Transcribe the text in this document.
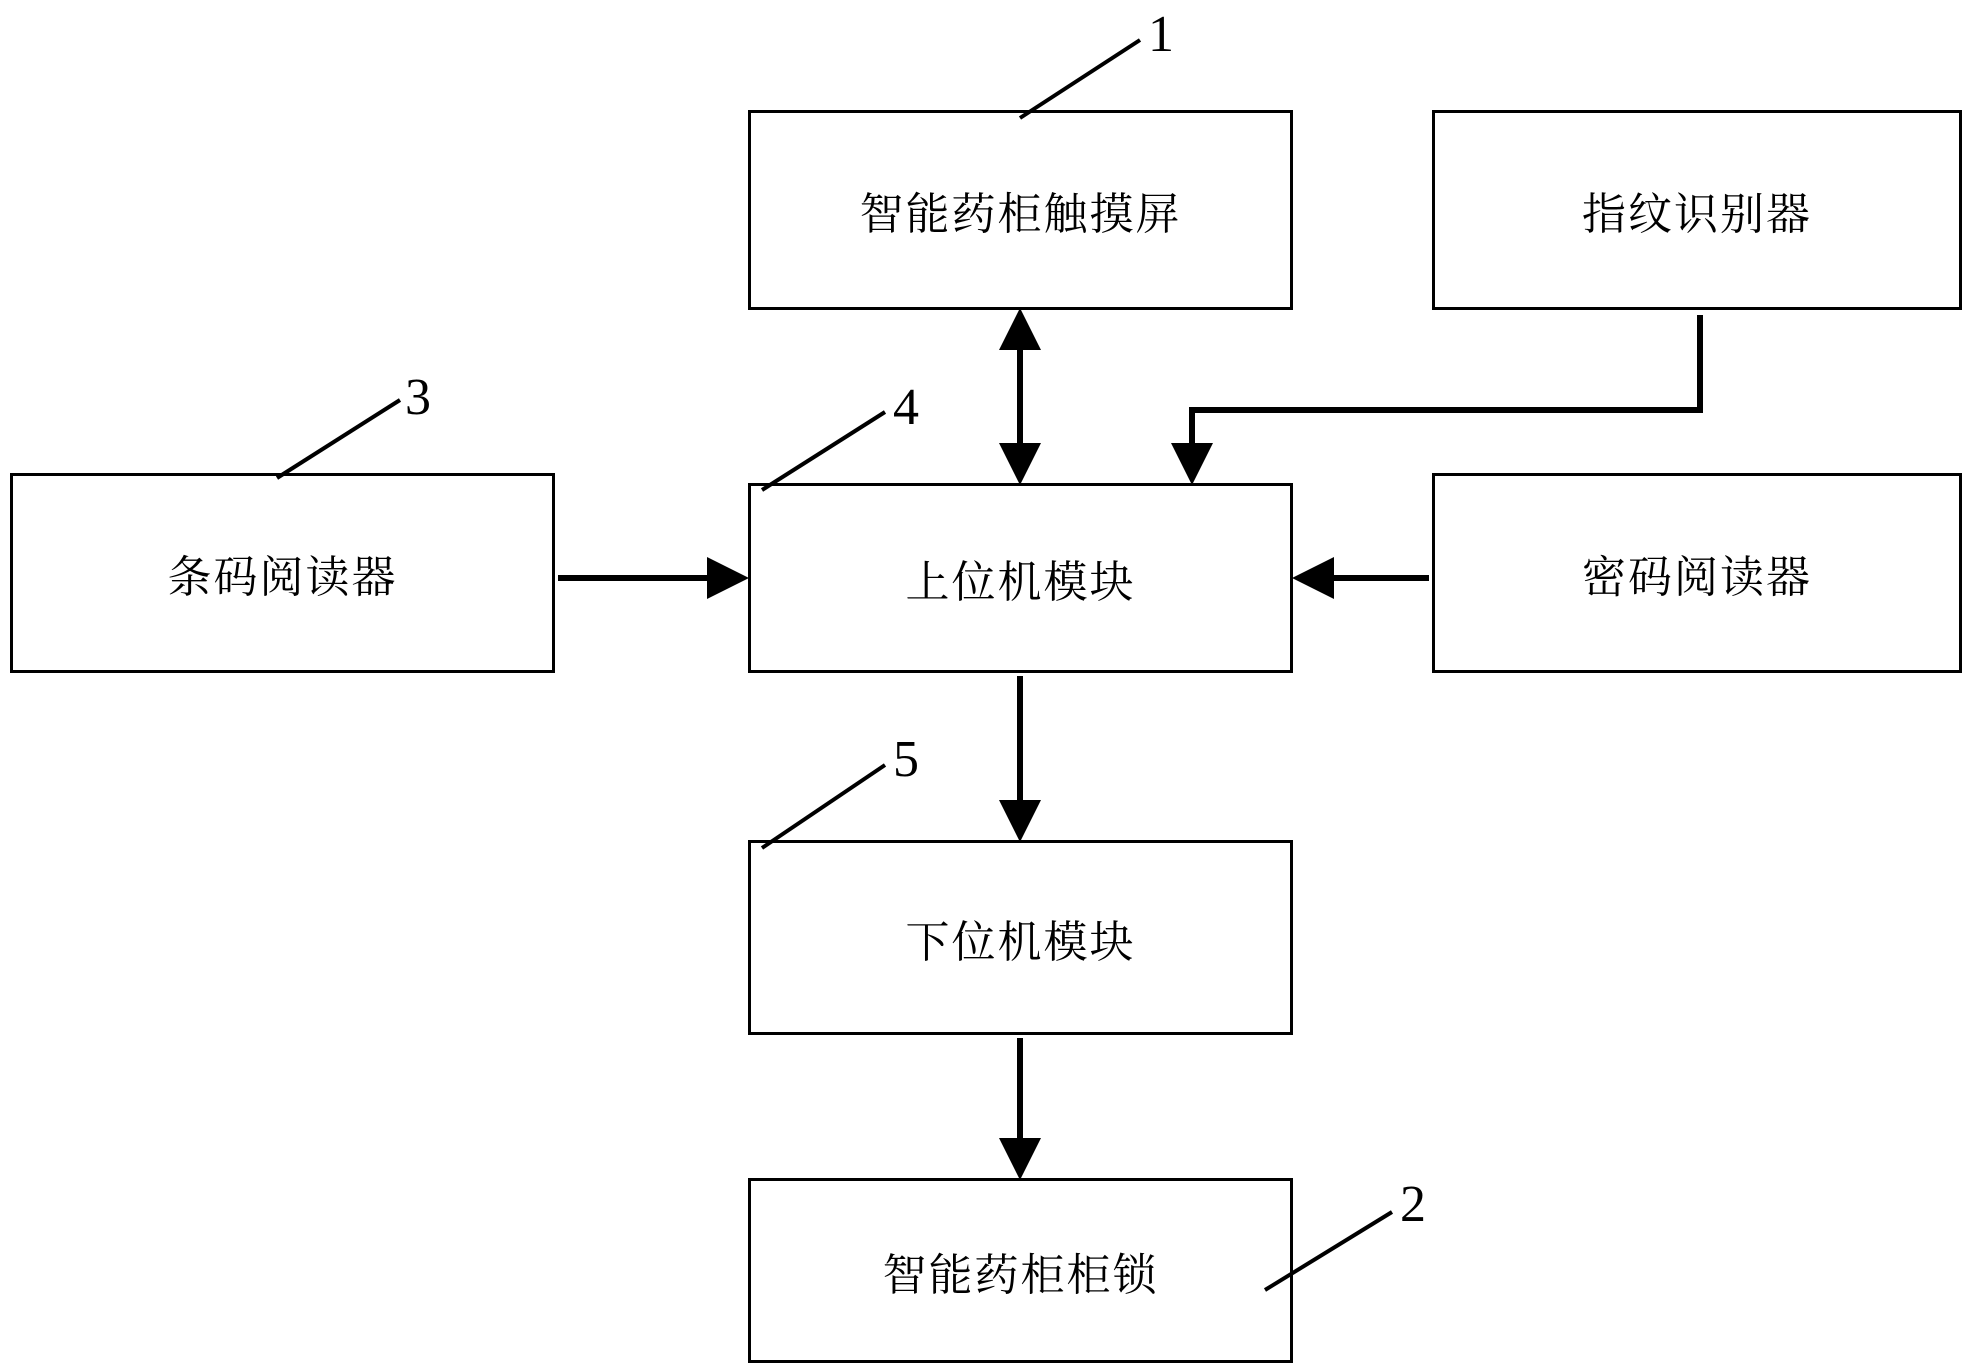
智能药柜触摸屏	指纹识别器
条码阅读器	上位机模块	密码阅读器
下位机模块
智能药柜柜锁
1
3	4
5
2
